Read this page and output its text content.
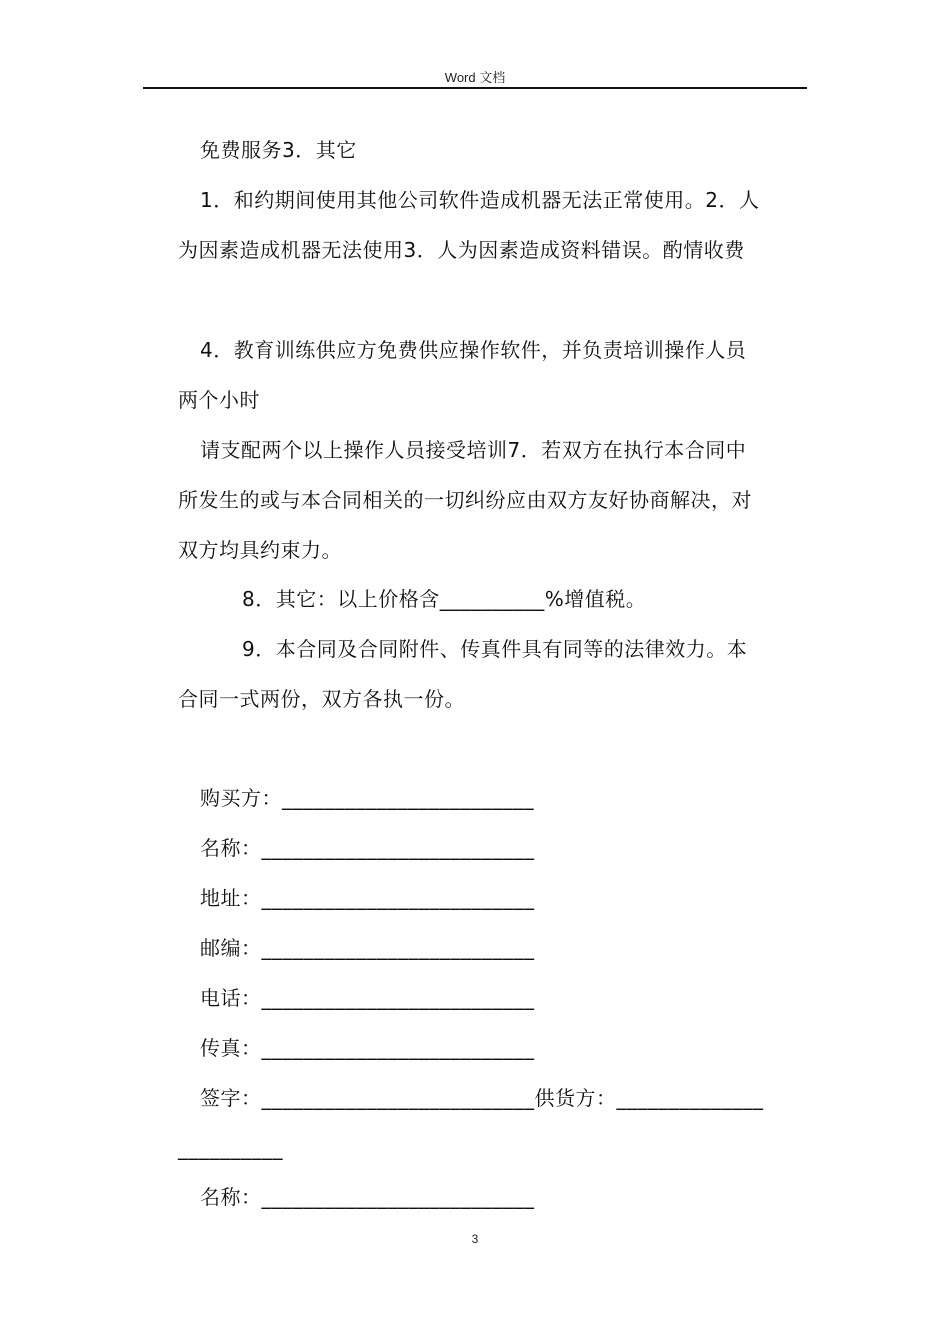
Word 文档
免费服务3．其它
1．和约期间使用其他公司软件造成机器无法正常使用。2．人
为因素造成机器无法使用3．人为因素造成资料错误。酌情收费
4．教育训练供应方免费供应操作软件，并负责培训操作人员
两个小时
请支配两个以上操作人员接受培训7．若双方在执行本合同中
所发生的或与本合同相关的一切纠纷应由双方友好协商解决，对
双方均具约束力。
8．其它：以上价格含__________%增值税。
9．本合同及合同附件、传真件具有同等的法律效力。本
合同一式两份，双方各执一份。
购买方：________________________
名称：__________________________
地址：__________________________
邮编：__________________________
电话：__________________________
传真：__________________________
签字：__________________________供货方：______________
__________
名称：__________________________
3
